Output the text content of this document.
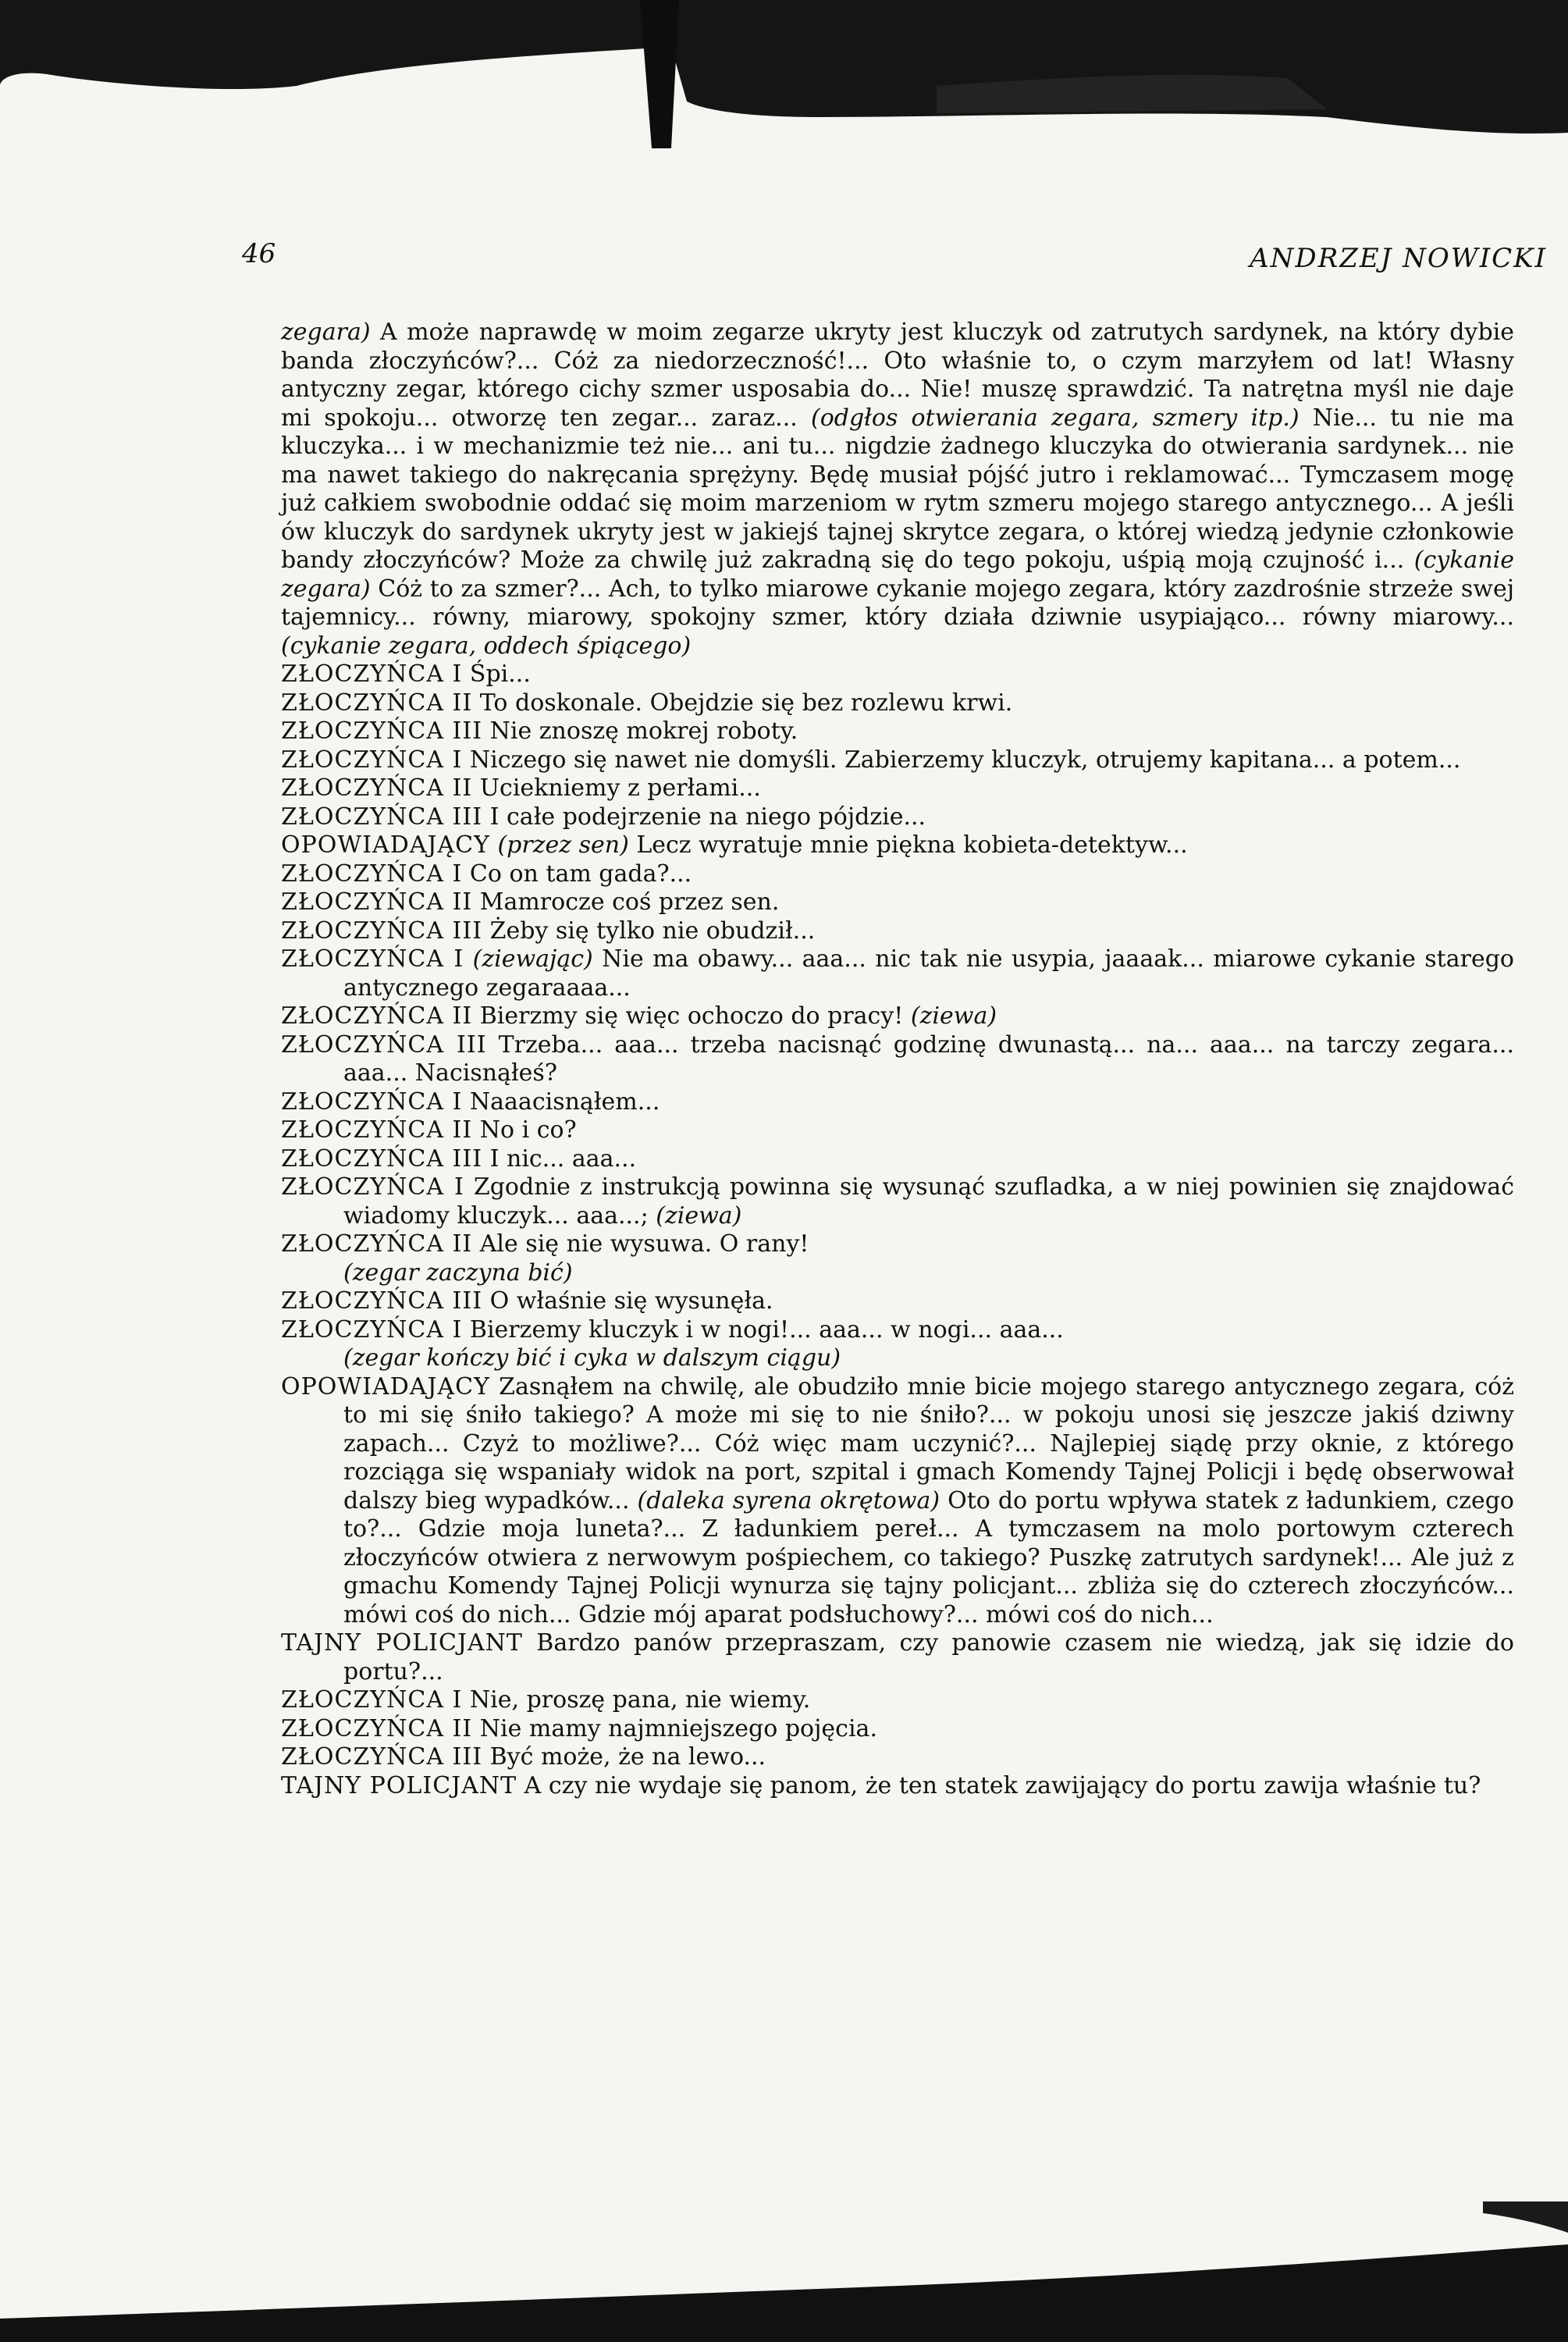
46	ANDRZEJ NOWICKI

zegara) A może naprawdę w moim zegarze ukryty jest kluczyk od zatrutych sardynek, na który dybie banda złoczyńców?... Cóż za niedorzeczność!... Oto właśnie to, o czym marzyłem od lat! Własny antyczny zegar, którego cichy szmer usposabia do... Nie! muszę sprawdzić. Ta natrętna myśl nie daje mi spokoju... otworzę ten zegar... zaraz... (odgłos otwierania zegara, szmery itp.) Nie... tu nie ma kluczyka... i w mechanizmie też nie... ani tu... nigdzie żadnego kluczyka do otwierania sardynek... nie ma nawet takiego do nakręcania sprężyny. Będę musiał pójść jutro i reklamować... Tymczasem mogę już całkiem swobodnie oddać się moim marzeniom w rytm szmeru mojego starego antycznego... A jeśli ów kluczyk do sardynek ukryty jest w jakiejś tajnej skrytce zegara, o której wiedzą jedynie członkowie bandy złoczyńców? Może za chwilę już zakradną się do tego pokoju, uśpią moją czujność i... (cykanie zegara) Cóż to za szmer?... Ach, to tylko miarowe cykanie mojego zegara, który zazdrośnie strzeże swej tajemnicy... równy, miarowy, spokojny szmer, który działa dziwnie usypiająco... równy miarowy... (cykanie zegara, oddech śpiącego)

ZŁOCZYŃCA I Śpi...
ZŁOCZYŃCA II To doskonale. Obejdzie się bez rozlewu krwi.
ZŁOCZYŃCA III Nie znoszę mokrej roboty.
ZŁOCZYŃCA I Niczego się nawet nie domyśli. Zabierzemy kluczyk, otrujemy kapitana... a potem...
ZŁOCZYŃCA II Uciekniemy z perłami...
ZŁOCZYŃCA III I całe podejrzenie na niego pójdzie...
OPOWIADAJĄCY (przez sen) Lecz wyratuje mnie piękna kobieta-detektyw...
ZŁOCZYŃCA I Co on tam gada?...
ZŁOCZYŃCA II Mamrocze coś przez sen.
ZŁOCZYŃCA III Żeby się tylko nie obudził...
ZŁOCZYŃCA I (ziewając) Nie ma obawy... aaa... nic tak nie usypia, jaaaak... miarowe cykanie starego antycznego zegaraaaa...
ZŁOCZYŃCA II Bierzmy się więc ochoczo do pracy! (ziewa)
ZŁOCZYŃCA III Trzeba... aaa... trzeba nacisnąć godzinę dwunastą... na... aaa... na tarczy zegara... aaa... Nacisnąłeś?
ZŁOCZYŃCA I Naaacisnąłem...
ZŁOCZYŃCA II No i co?
ZŁOCZYŃCA III I nic... aaa...
ZŁOCZYŃCA I Zgodnie z instrukcją powinna się wysunąć szufladka, a w niej powinien się znajdować wiadomy kluczyk... aaa...; (ziewa)
ZŁOCZYŃCA II Ale się nie wysuwa. O rany!
(zegar zaczyna bić)
ZŁOCZYŃCA III O właśnie się wysunęła.
ZŁOCZYŃCA I Bierzemy kluczyk i w nogi!... aaa... w nogi... aaa...
(zegar kończy bić i cyka w dalszym ciągu)
OPOWIADAJĄCY Zasnąłem na chwilę, ale obudziło mnie bicie mojego starego antycznego zegara, cóż to mi się śniło takiego? A może mi się to nie śniło?... w pokoju unosi się jeszcze jakiś dziwny zapach... Czyż to możliwe?... Cóż więc mam uczynić?... Najlepiej siądę przy oknie, z którego rozciąga się wspaniały widok na port, szpital i gmach Komendy Tajnej Policji i będę obserwował dalszy bieg wypadków... (daleka syrena okrętowa) Oto do portu wpływa statek z ładunkiem, czego to?... Gdzie moja luneta?... Z ładunkiem pereł... A tymczasem na molo portowym czterech złoczyńców otwiera z nerwowym pośpiechem, co takiego? Puszkę zatrutych sardynek!... Ale już z gmachu Komendy Tajnej Policji wynurza się tajny policjant... zbliża się do czterech złoczyńców... mówi coś do nich... Gdzie mój aparat podsłuchowy?... mówi coś do nich...
TAJNY POLICJANT Bardzo panów przepraszam, czy panowie czasem nie wiedzą, jak się idzie do portu?...
ZŁOCZYŃCA I Nie, proszę pana, nie wiemy.
ZŁOCZYŃCA II Nie mamy najmniejszego pojęcia.
ZŁOCZYŃCA III Być może, że na lewo...
TAJNY POLICJANT A czy nie wydaje się panom, że ten statek zawijający do portu zawija właśnie tu?
